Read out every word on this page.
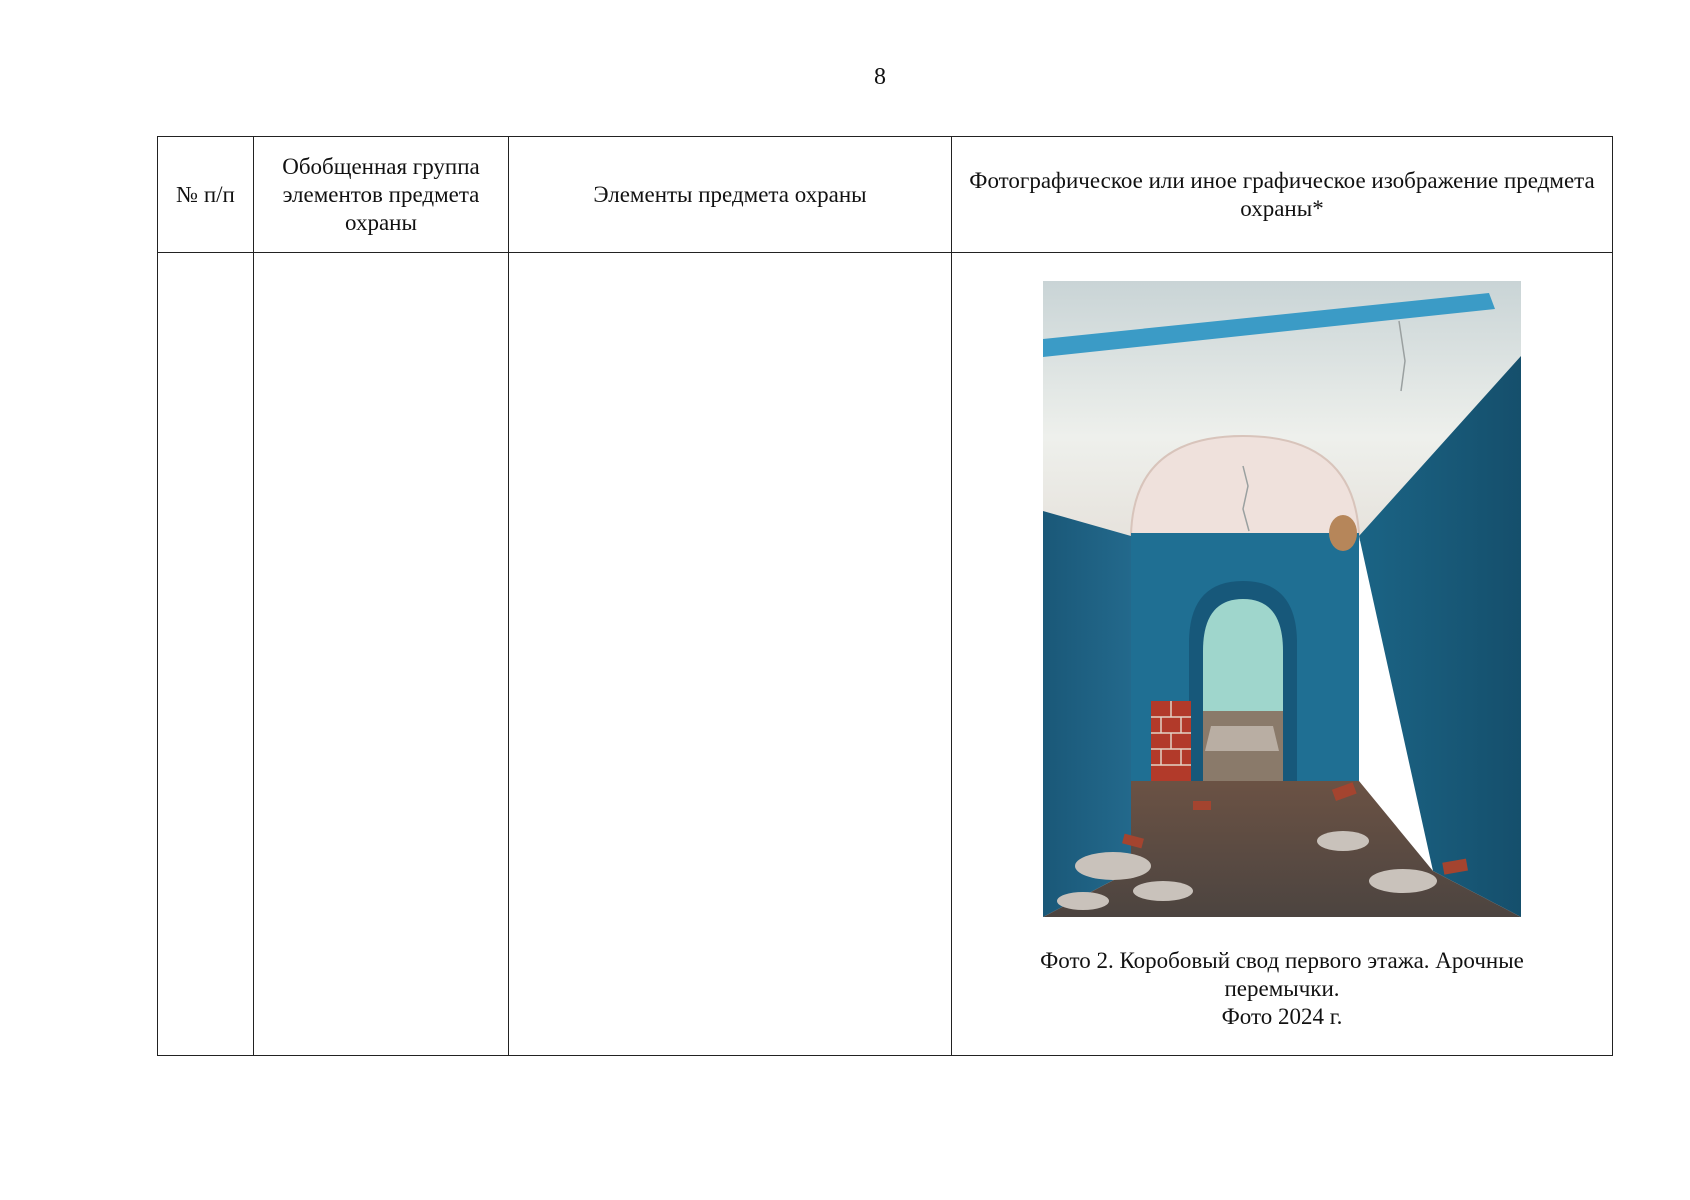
8
№ п/п	Обобщенная группа элементов предмета охраны	Элементы предмета охраны	Фотографическое или иное графическое изображение предмета охраны*

			Фото 2. Коробовый свод первого этажа. Арочные перемычки.
Фото 2024 г.
